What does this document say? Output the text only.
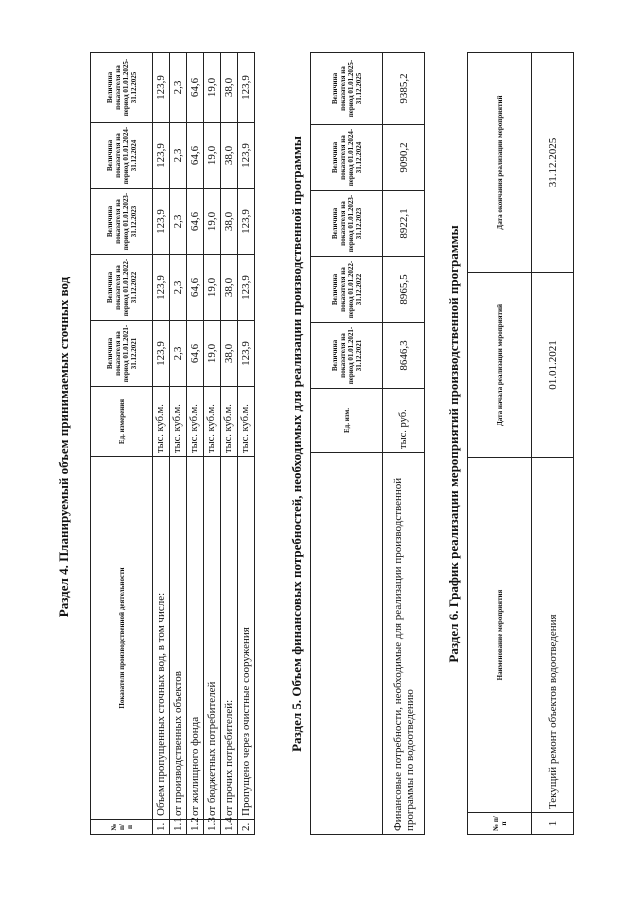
Раздел 4. Планируемый объем принимаемых сточных вод
№ п/п	Показатели производственной деятельности	Ед. измерения	Величина показателя на период 01.01.2021-31.12.2021	Величина показателя на период 01.01.2022-31.12.2022	Величина показателя на период 01.01.2023-31.12.2023	Величина показателя на период 01.01.2024-31.12.2024	Величина показателя на период 01.01.2025-31.12.2025
1.	Объем пропущенных сточных вод, в том числе:	тыс. куб.м.	123,9	123,9	123,9	123,9	123,9
1.1	от производственных объектов	тыс. куб.м.	2,3	2,3	2,3	2,3	2,3
1.2	от жилищного фонда	тыс. куб.м.	64,6	64,6	64,6	64,6	64,6
1.3	от бюджетных потребителей	тыс. куб.м.	19,0	19,0	19,0	19,0	19,0
1.4	от прочих потребителей:	тыс. куб.м.	38,0	38,0	38,0	38,0	38,0
2.	Пропущено через очистные сооружения	тыс. куб.м.	123,9	123,9	123,9	123,9	123,9
Раздел 5. Объем финансовых потребностей, необходимых для реализации производственной программы
		Ед. изм.	Величина показателя на период 01.01.2021-31.12.2021	Величина показателя на период 01.01.2022-31.12.2022	Величина показателя на период 01.01.2023-31.12.2023	Величина показателя на период 01.01.2024-31.12.2024	Величина показателя на период 01.01.2025-31.12.2025
Финансовые потребности, необходимые для реализации производственной программы по водоотведению	тыс. руб.	8646,3	8965,5	8922,1	9090,2	9385,2
Раздел 6. График реализации мероприятий производственной программы
№ п/п	Наименование мероприятия	Дата начала реализации мероприятий	Дата окончания реализации мероприятий
1	Текущий ремонт объектов водоотведения	01.01.2021	31.12.2025
